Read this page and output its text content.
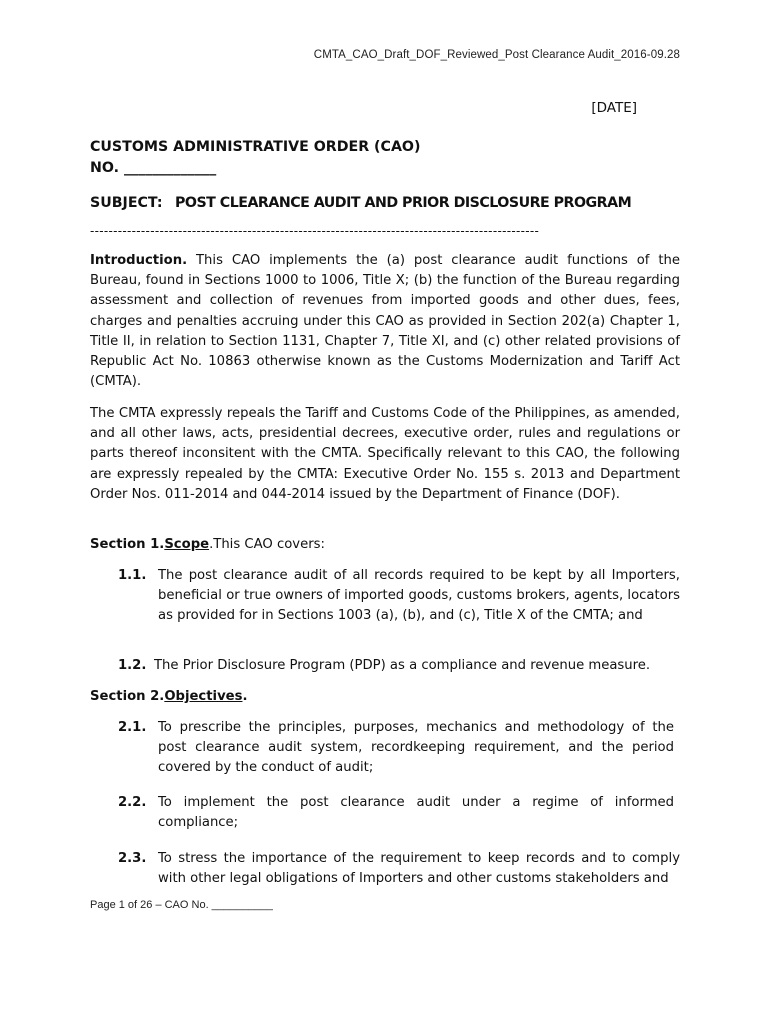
CMTA_CAO_Draft_DOF_Reviewed_Post Clearance Audit_2016-09.28
[DATE]
CUSTOMS ADMINISTRATIVE ORDER (CAO)
NO. _____________
SUBJECT: POST CLEARANCE AUDIT AND PRIOR DISCLOSURE PROGRAM
-------------------------------------------------------------------------------------------------
Introduction. This CAO implements the (a) post clearance audit functions of the Bureau, found in Sections 1000 to 1006, Title X; (b) the function of the Bureau regarding assessment and collection of revenues from imported goods and other dues, fees, charges and penalties accruing under this CAO as provided in Section 202(a) Chapter 1, Title II, in relation to Section 1131, Chapter 7, Title XI, and (c) other related provisions of Republic Act No. 10863 otherwise known as the Customs Modernization and Tariff Act (CMTA).
The CMTA expressly repeals the Tariff and Customs Code of the Philippines, as amended, and all other laws, acts, presidential decrees, executive order, rules and regulations or parts thereof inconsitent with the CMTA. Specifically relevant to this CAO, the following are expressly repealed by the CMTA: Executive Order No. 155 s. 2013 and Department Order Nos. 011-2014 and 044-2014 issued by the Department of Finance (DOF).
Section 1.Scope.This CAO covers:
1.1. The post clearance audit of all records required to be kept by all Importers, beneficial or true owners of imported goods, customs brokers, agents, locators as provided for in Sections 1003 (a), (b), and (c), Title X of the CMTA; and
1.2. The Prior Disclosure Program (PDP) as a compliance and revenue measure.
Section 2.Objectives.
2.1. To prescribe the principles, purposes, mechanics and methodology of the post clearance audit system, recordkeeping requirement, and the period covered by the conduct of audit;
2.2. To implement the post clearance audit under a regime of informed compliance;
2.3. To stress the importance of the requirement to keep records and to comply with other legal obligations of Importers and other customs stakeholders and
Page 1 of 26 – CAO No. __________
